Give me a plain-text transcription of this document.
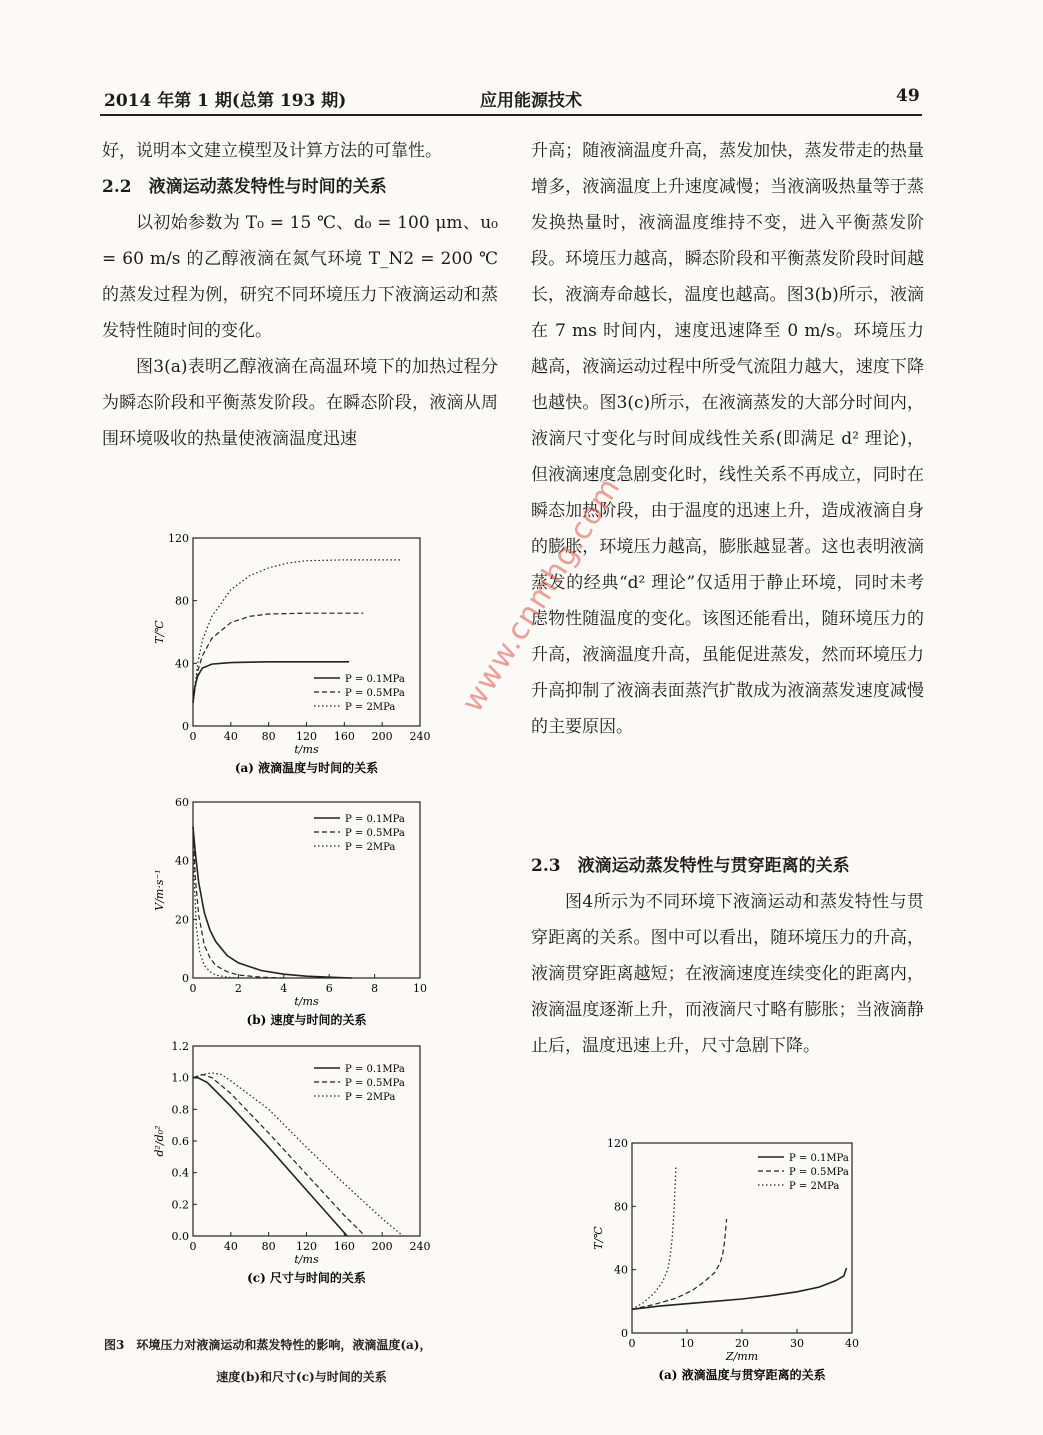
2014 年第 1 期(总第 193 期)	应用能源技术	49

好，说明本文建立模型及计算方法的可靠性。

2.2　液滴运动蒸发特性与时间的关系

以初始参数为 T₀ = 15 ℃、d₀ = 100 μm、u₀ = 60 m/s 的乙醇液滴在氮气环境 T_N2 = 200 ℃ 的蒸发过程为例，研究不同环境压力下液滴运动和蒸发特性随时间的变化。

图3(a)表明乙醇液滴在高温环境下的加热过程分为瞬态阶段和平衡蒸发阶段。在瞬态阶段，液滴从周围环境吸收的热量使液滴温度迅速

升高；随液滴温度升高，蒸发加快，蒸发带走的热量增多，液滴温度上升速度减慢；当液滴吸热量等于蒸发换热量时，液滴温度维持不变，进入平衡蒸发阶段。环境压力越高，瞬态阶段和平衡蒸发阶段时间越长，液滴寿命越长，温度也越高。图3(b)所示，液滴在 7 ms 时间内，速度迅速降至 0 m/s。环境压力越高，液滴运动过程中所受气流阻力越大，速度下降也越快。图3(c)所示，在液滴蒸发的大部分时间内，液滴尺寸变化与时间成线性关系(即满足 d² 理论)，但液滴速度急剧变化时，线性关系不再成立，同时在瞬态加热阶段，由于温度的迅速上升，造成液滴自身的膨胀，环境压力越高，膨胀越显著。这也表明液滴蒸发的经典“d² 理论”仅适用于静止环境，同时未考虑物性随温度的变化。该图还能看出，随环境压力的升高，液滴温度升高，虽能促进蒸发，然而环境压力升高抑制了液滴表面蒸汽扩散成为液滴蒸发速度减慢的主要原因。

2.3　液滴运动蒸发特性与贯穿距离的关系

图4所示为不同环境下液滴运动和蒸发特性与贯穿距离的关系。图中可以看出，随环境压力的升高，液滴贯穿距离越短；在液滴速度连续变化的距离内，液滴温度逐渐上升，而液滴尺寸略有膨胀；当液滴静止后，温度迅速上升，尺寸急剧下降。

0 40 80 120 160 200 240
0
40
80
120
t/ms
T/℃
P = 0.1MPa
P = 0.5MPa
P = 2MPa
(a) 液滴温度与时间的关系
0	2	4	6	8	10
0
20
40
60
t/ms
V/m·s⁻¹
P = 0.1MPa
P = 0.5MPa
P = 2MPa
(b) 速度与时间的关系
0 40 80 120 160 200 240
0.0
0.2
0.4
0.6
0.8
1.0
1.2
t/ms
d²/d₀²
P = 0.1MPa
P = 0.5MPa
P = 2MPa
(c) 尺寸与时间的关系
0	10	20	30	40
0
40
80
120
Z/mm
T/℃
P = 0.1MPa
P = 0.5MPa
P = 2MPa
(a) 液滴温度与贯穿距离的关系
图3　环境压力对液滴运动和蒸发特性的影响，液滴温度(a)，
速度(b)和尺寸(c)与时间的关系
www.cnmhg.com
